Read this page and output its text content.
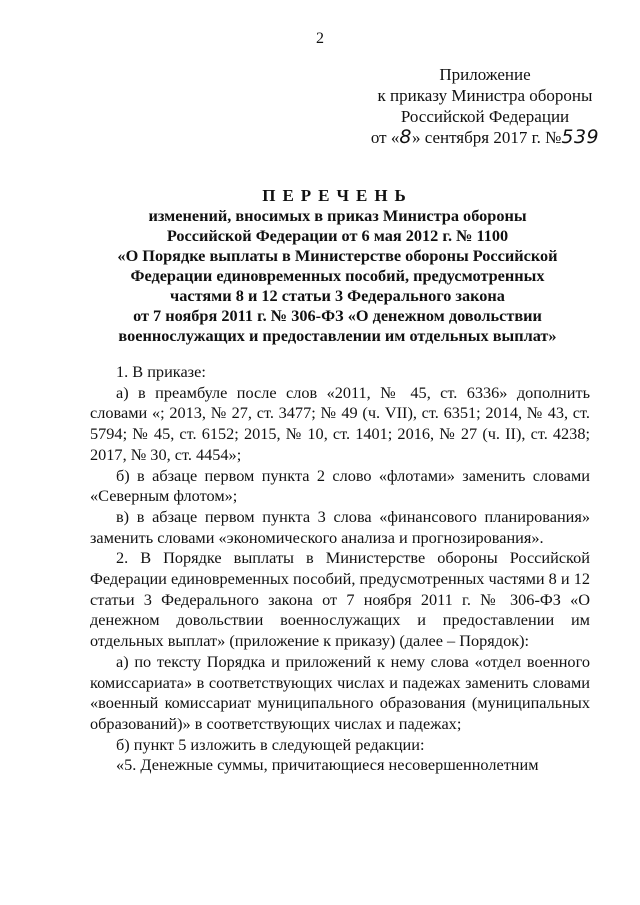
2
Приложение
к приказу Министра обороны
Российской Федерации
от «8» сентября 2017 г. №539
ПЕРЕЧЕНЬ
изменений, вносимых в приказ Министра обороны
Российской Федерации от 6 мая 2012 г. № 1100
«О Порядке выплаты в Министерстве обороны Российской
Федерации единовременных пособий, предусмотренных
частями 8 и 12 статьи 3 Федерального закона
от 7 ноября 2011 г. № 306-ФЗ «О денежном довольствии
военнослужащих и предоставлении им отдельных выплат»

1. В приказе:

а) в преамбуле после слов «2011, № 45, ст. 6336» дополнить словами «; 2013, № 27, ст. 3477; № 49 (ч. VII), ст. 6351; 2014, № 43, ст. 5794; № 45, ст. 6152; 2015, № 10, ст. 1401; 2016, № 27 (ч. II), ст. 4238; 2017, № 30, ст. 4454»;

б) в абзаце первом пункта 2 слово «флотами» заменить словами «Северным флотом»;

в) в абзаце первом пункта 3 слова «финансового планирования» заменить словами «экономического анализа и прогнозирования».

2. В Порядке выплаты в Министерстве обороны Российской Федерации единовременных пособий, предусмотренных частями 8 и 12 статьи 3 Федерального закона от 7 ноября 2011 г. № 306-ФЗ «О денежном довольствии военнослужащих и предоставлении им отдельных выплат» (приложение к приказу) (далее – Порядок):

а) по тексту Порядка и приложений к нему слова «отдел военного комиссариата» в соответствующих числах и падежах заменить словами «военный комиссариат муниципального образования (муниципальных образований)» в соответствующих числах и падежах;

б) пункт 5 изложить в следующей редакции:

«5. Денежные суммы, причитающиеся несовершеннолетним
